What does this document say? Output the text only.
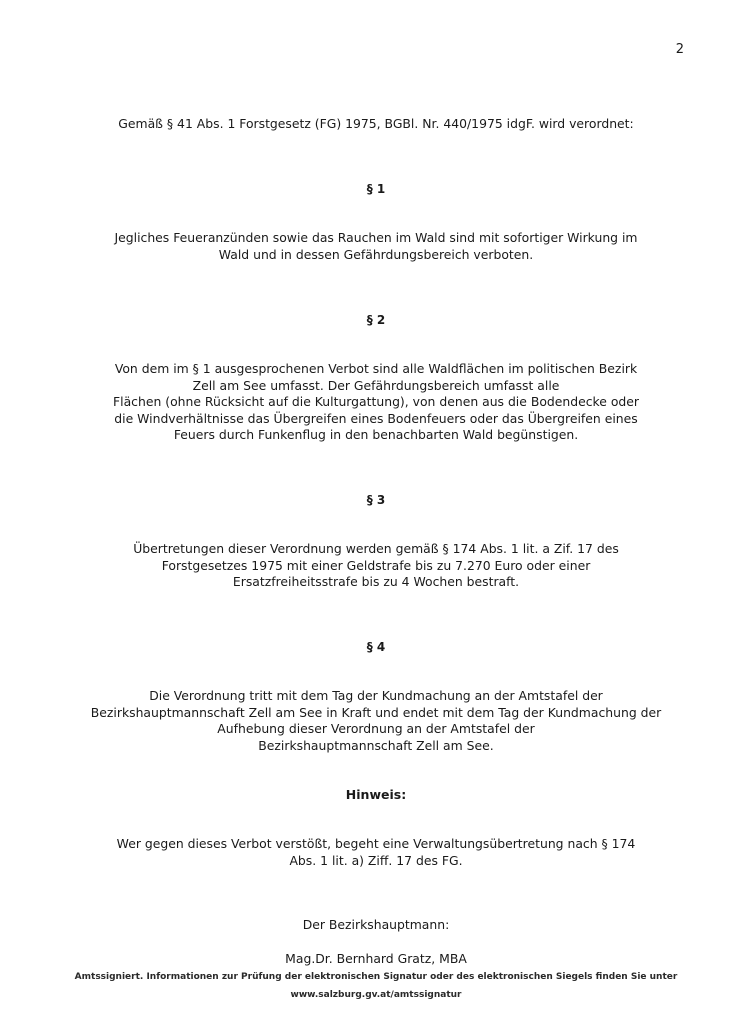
2

Gemäß § 41 Abs. 1 Forstgesetz (FG) 1975, BGBl. Nr. 440/1975 idgF. wird verordnet:

§ 1

Jegliches Feueranzünden sowie das Rauchen im Wald sind mit sofortiger Wirkung im

Wald und in dessen Gefährdungsbereich verboten.

§ 2

Von dem im § 1 ausgesprochenen Verbot sind alle Waldflächen im politischen Bezirk

Zell am See umfasst. Der Gefährdungsbereich umfasst alle

Flächen (ohne Rücksicht auf die Kulturgattung), von denen aus die Bodendecke oder

die Windverhältnisse das Übergreifen eines Bodenfeuers oder das Übergreifen eines

Feuers durch Funkenflug in den benachbarten Wald begünstigen.

§ 3

Übertretungen dieser Verordnung werden gemäß § 174 Abs. 1 lit. a Zif. 17 des

Forstgesetzes 1975 mit einer Geldstrafe bis zu 7.270 Euro oder einer

Ersatzfreiheitsstrafe bis zu 4 Wochen bestraft.

§ 4

Die Verordnung tritt mit dem Tag der Kundmachung an der Amtstafel der

Bezirkshauptmannschaft Zell am See in Kraft und endet mit dem Tag der Kundmachung der

Aufhebung dieser Verordnung an der Amtstafel der

Bezirkshauptmannschaft Zell am See.

Hinweis:

Wer gegen dieses Verbot verstößt, begeht eine Verwaltungsübertretung nach § 174

Abs. 1 lit. a) Ziff. 17 des FG.

Der Bezirkshauptmann:
Mag.Dr. Bernhard Gratz, MBA
Amtssigniert. Informationen zur Prüfung der elektronischen Signatur oder des elektronischen Siegels finden Sie unter
www.salzburg.gv.at/amtssignatur
